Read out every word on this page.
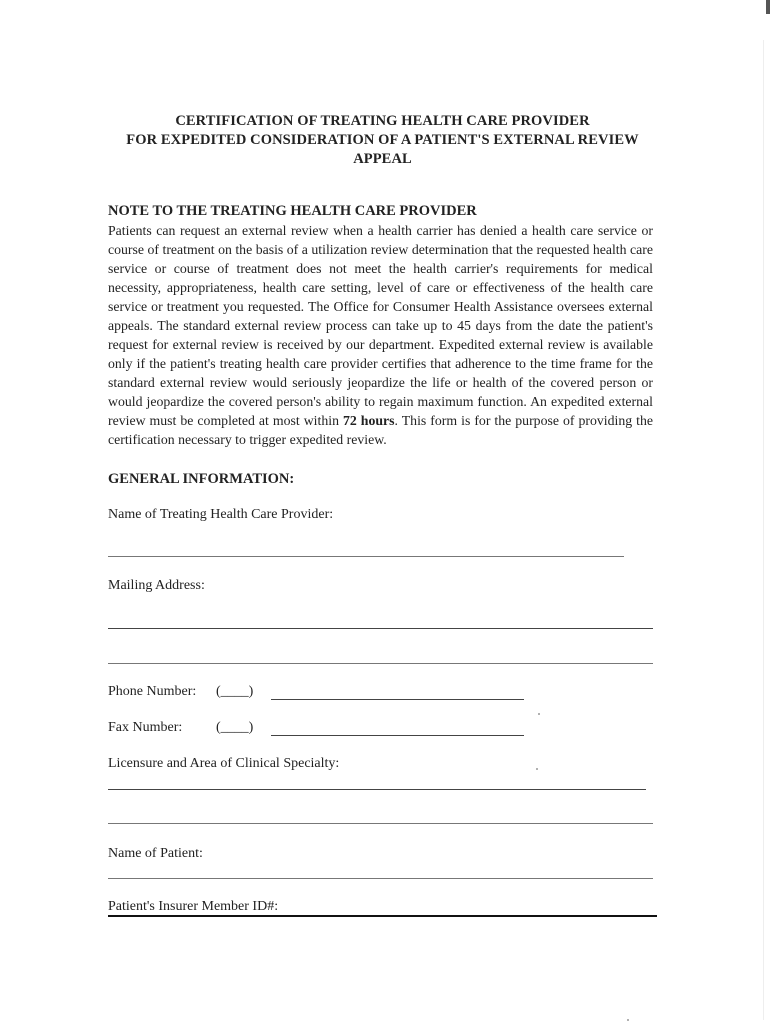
CERTIFICATION OF TREATING HEALTH CARE PROVIDER
FOR EXPEDITED CONSIDERATION OF A PATIENT'S EXTERNAL REVIEW
APPEAL
NOTE TO THE TREATING HEALTH CARE PROVIDER
Patients can request an external review when a health carrier has denied a health care service or course of treatment on the basis of a utilization review determination that the requested health care service or course of treatment does not meet the health carrier's requirements for medical necessity, appropriateness, health care setting, level of care or effectiveness of the health care service or treatment you requested. The Office for Consumer Health Assistance oversees external appeals. The standard external review process can take up to 45 days from the date the patient's request for external review is received by our department. Expedited external review is available only if the patient's treating health care provider certifies that adherence to the time frame for the standard external review would seriously jeopardize the life or health of the covered person or would jeopardize the covered person's ability to regain maximum function. An expedited external review must be completed at most within 72 hours. This form is for the purpose of providing the certification necessary to trigger expedited review.
GENERAL INFORMATION:
Name of Treating Health Care Provider:
Mailing Address:
Phone Number: (____)
Fax Number: (____)
Licensure and Area of Clinical Specialty:
Name of Patient:
Patient's Insurer Member ID#:
